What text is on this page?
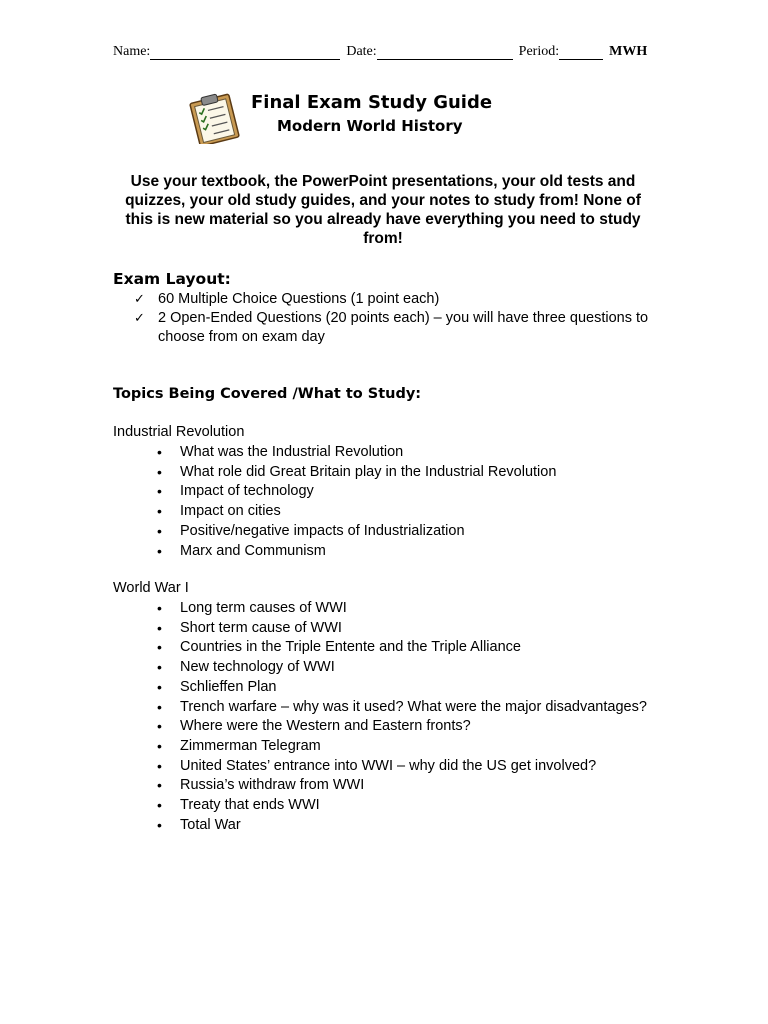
Name:	Date:	Period:	MWH
Final Exam Study Guide
Modern World History

Use your textbook, the PowerPoint presentations, your old tests and quizzes, your old study guides, and your notes to study from! None of this is new material so you already have everything you need to study from!

Exam Layout:
✓ 60 Multiple Choice Questions (1 point each)
✓ 2 Open-Ended Questions (20 points each) – you will have three questions to choose from on exam day
Topics Being Covered /What to Study:
Industrial Revolution
• What was the Industrial Revolution
• What role did Great Britain play in the Industrial Revolution
• Impact of technology
• Impact on cities
• Positive/negative impacts of Industrialization
• Marx and Communism
World War I
• Long term causes of WWI
• Short term cause of WWI
• Countries in the Triple Entente and the Triple Alliance
• New technology of WWI
• Schlieffen Plan
• Trench warfare – why was it used? What were the major disadvantages?
• Where were the Western and Eastern fronts?
• Zimmerman Telegram
• United States’ entrance into WWI – why did the US get involved?
• Russia’s withdraw from WWI
• Treaty that ends WWI
• Total War
